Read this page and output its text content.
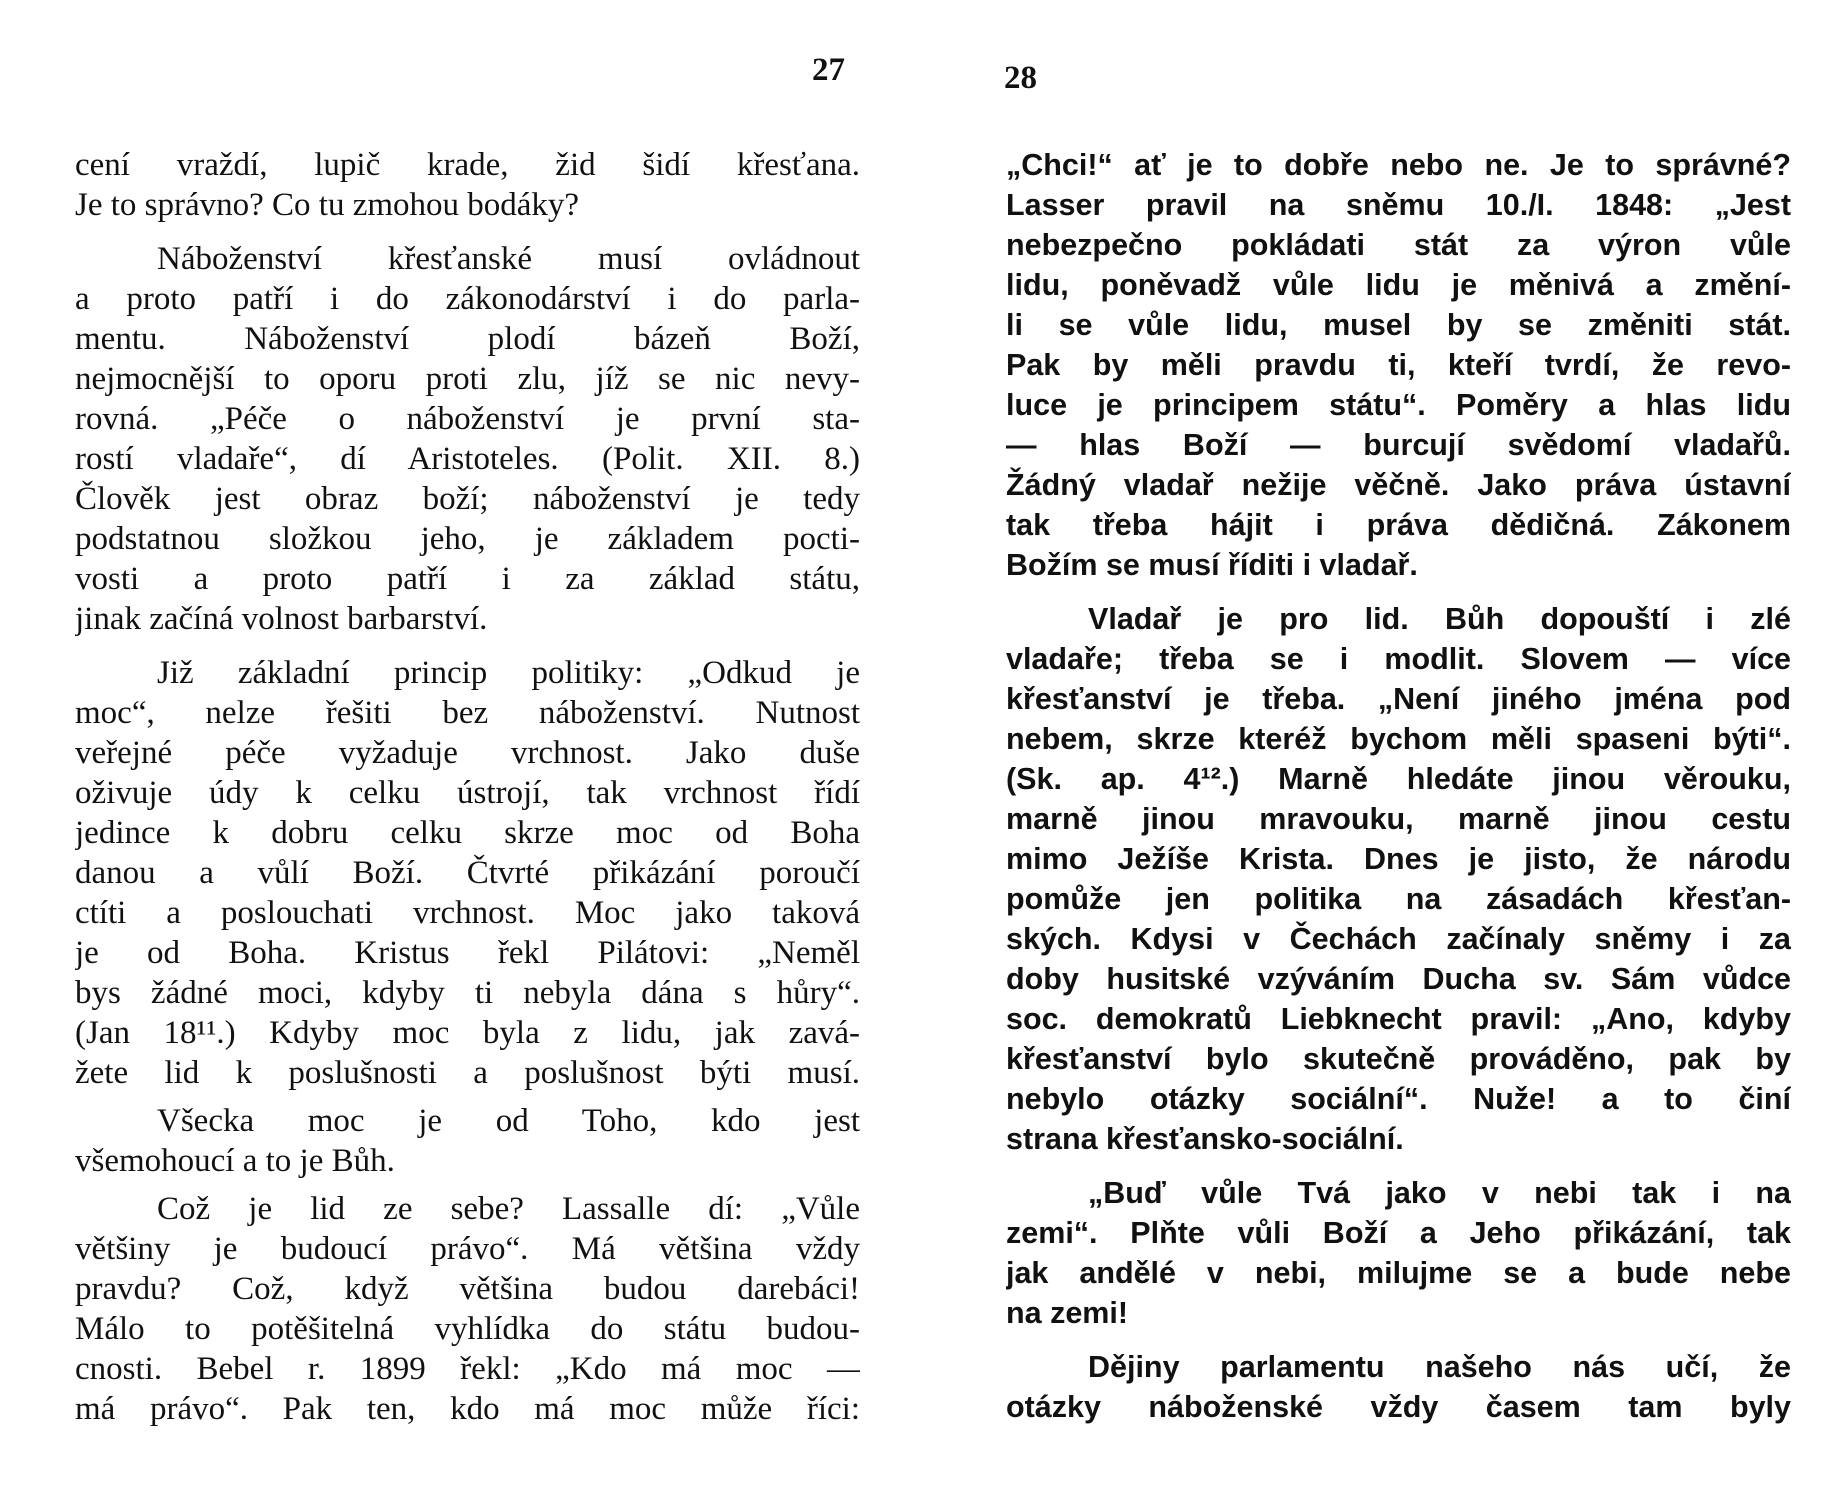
27
cení vraždí, lupič krade, žid šidí křesťana.
Je to správno? Co tu zmohou bodáky?
Náboženství křesťanské musí ovládnout
a proto patří i do zákonodárství i do parla-
mentu. Náboženství plodí bázeň Boží,
nejmocnější to oporu proti zlu, jíž se nic nevy-
rovná. „Péče o náboženství je první sta-
rostí vladaře“, dí Aristoteles. (Polit. XII. 8.)
Člověk jest obraz boží; náboženství je tedy
podstatnou složkou jeho, je základem pocti-
vosti a proto patří i za základ státu,
jinak začíná volnost barbarství.
Již základní princip politiky: „Odkud je
moc“, nelze řešiti bez náboženství. Nutnost
veřejné péče vyžaduje vrchnost. Jako duše
oživuje údy k celku ústrojí, tak vrchnost řídí
jedince k dobru celku skrze moc od Boha
danou a vůlí Boží. Čtvrté přikázání poroučí
ctíti a poslouchati vrchnost. Moc jako taková
je od Boha. Kristus řekl Pilátovi: „Neměl
bys žádné moci, kdyby ti nebyla dána s hůry“.
(Jan 18¹¹.) Kdyby moc byla z lidu, jak zavá-
žete lid k poslušnosti a poslušnost býti musí.
Všecka moc je od Toho, kdo jest
všemohoucí a to je Bůh.
Což je lid ze sebe? Lassalle dí: „Vůle
většiny je budoucí právo“. Má většina vždy
pravdu? Což, když většina budou darebáci!
Málo to potěšitelná vyhlídka do státu budou-
cnosti. Bebel r. 1899 řekl: „Kdo má moc —
má právo“. Pak ten, kdo má moc může říci:
28
„Chci!“ ať je to dobře nebo ne. Je to správné?
Lasser pravil na sněmu 10./I. 1848: „Jest
nebezpečno pokládati stát za výron vůle
lidu, poněvadž vůle lidu je měnivá a změní-
li se vůle lidu, musel by se změniti stát.
Pak by měli pravdu ti, kteří tvrdí, že revo-
luce je principem státu“. Poměry a hlas lidu
— hlas Boží — burcují svědomí vladařů.
Žádný vladař nežije věčně. Jako práva ústavní
tak třeba hájit i práva dědičná. Zákonem
Božím se musí říditi i vladař.
Vladař je pro lid. Bůh dopouští i zlé
vladaře; třeba se i modlit. Slovem — více
křesťanství je třeba. „Není jiného jména pod
nebem, skrze kteréž bychom měli spaseni býti“.
(Sk. ap. 4¹².) Marně hledáte jinou věrouku,
marně jinou mravouku, marně jinou cestu
mimo Ježíše Krista. Dnes je jisto, že národu
pomůže jen politika na zásadách křesťan-
ských. Kdysi v Čechách začínaly sněmy i za
doby husitské vzýváním Ducha sv. Sám vůdce
soc. demokratů Liebknecht pravil: „Ano, kdyby
křesťanství bylo skutečně prováděno, pak by
nebylo otázky sociální“. Nuže! a to činí
strana křesťansko-sociální.
„Buď vůle Tvá jako v nebi tak i na
zemi“. Plňte vůli Boží a Jeho přikázání, tak
jak andělé v nebi, milujme se a bude nebe
na zemi!
Dějiny parlamentu našeho nás učí, že
otázky náboženské vždy časem tam byly
